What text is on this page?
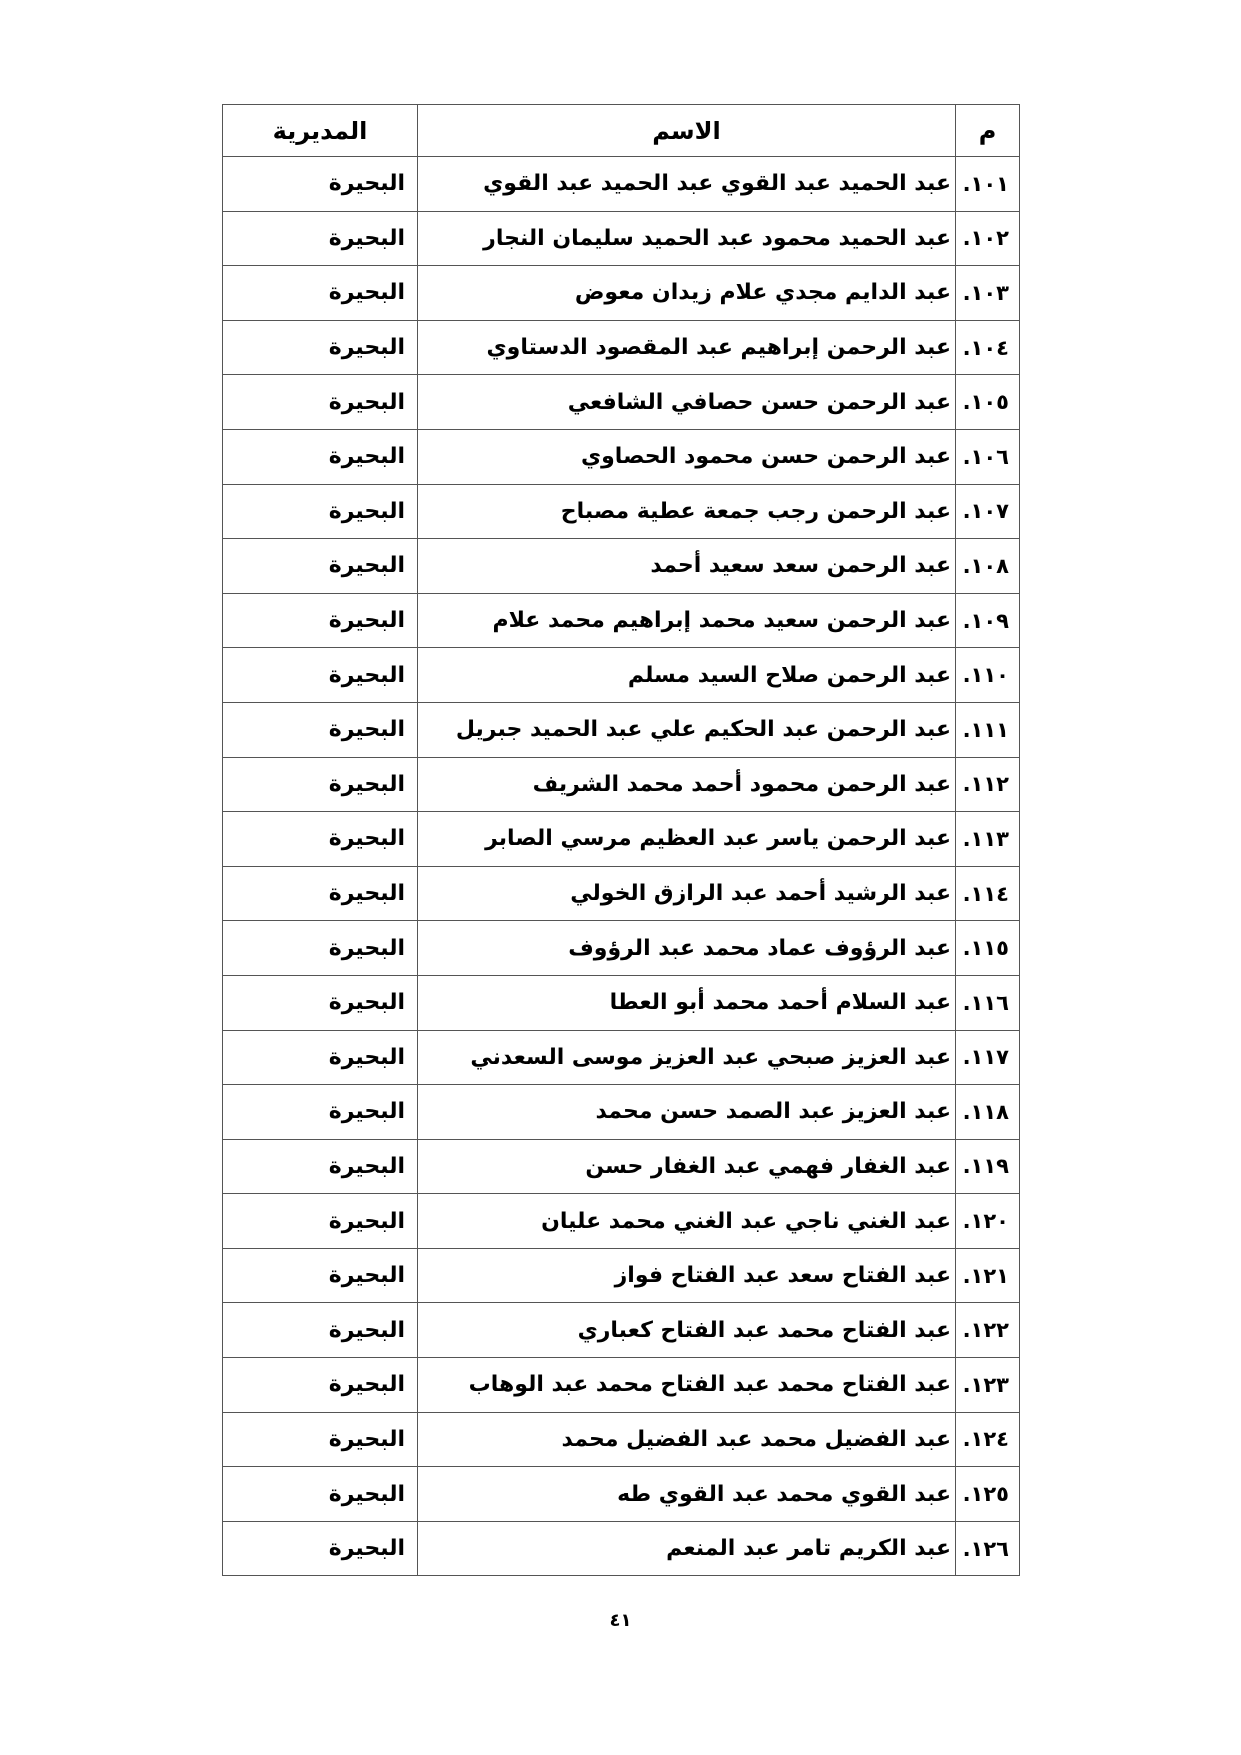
م	الاسم	المديرية
١٠١.	عبد الحميد عبد القوي عبد الحميد عبد القوي	البحيرة
١٠٢.	عبد الحميد محمود عبد الحميد سليمان النجار	البحيرة
١٠٣.	عبد الدايم مجدي علام زيدان معوض	البحيرة
١٠٤.	عبد الرحمن إبراهيم عبد المقصود الدستاوي	البحيرة
١٠٥.	عبد الرحمن حسن حصافي الشافعي	البحيرة
١٠٦.	عبد الرحمن حسن محمود الحصاوي	البحيرة
١٠٧.	عبد الرحمن رجب جمعة عطية مصباح	البحيرة
١٠٨.	عبد الرحمن سعد سعيد أحمد	البحيرة
١٠٩.	عبد الرحمن سعيد محمد إبراهيم محمد علام	البحيرة
١١٠.	عبد الرحمن صلاح السيد مسلم	البحيرة
١١١.	عبد الرحمن عبد الحكيم علي عبد الحميد جبريل	البحيرة
١١٢.	عبد الرحمن محمود أحمد محمد الشريف	البحيرة
١١٣.	عبد الرحمن ياسر عبد العظيم مرسي الصابر	البحيرة
١١٤.	عبد الرشيد أحمد عبد الرازق الخولي	البحيرة
١١٥.	عبد الرؤوف عماد محمد عبد الرؤوف	البحيرة
١١٦.	عبد السلام أحمد محمد أبو العطا	البحيرة
١١٧.	عبد العزيز صبحي عبد العزيز موسى السعدني	البحيرة
١١٨.	عبد العزيز عبد الصمد حسن محمد	البحيرة
١١٩.	عبد الغفار فهمي عبد الغفار حسن	البحيرة
١٢٠.	عبد الغني ناجي عبد الغني محمد عليان	البحيرة
١٢١.	عبد الفتاح سعد عبد الفتاح فواز	البحيرة
١٢٢.	عبد الفتاح محمد عبد الفتاح كعباري	البحيرة
١٢٣.	عبد الفتاح محمد عبد الفتاح محمد عبد الوهاب	البحيرة
١٢٤.	عبد الفضيل محمد عبد الفضيل محمد	البحيرة
١٢٥.	عبد القوي محمد عبد القوي طه	البحيرة
١٢٦.	عبد الكريم تامر عبد المنعم	البحيرة
٤١
